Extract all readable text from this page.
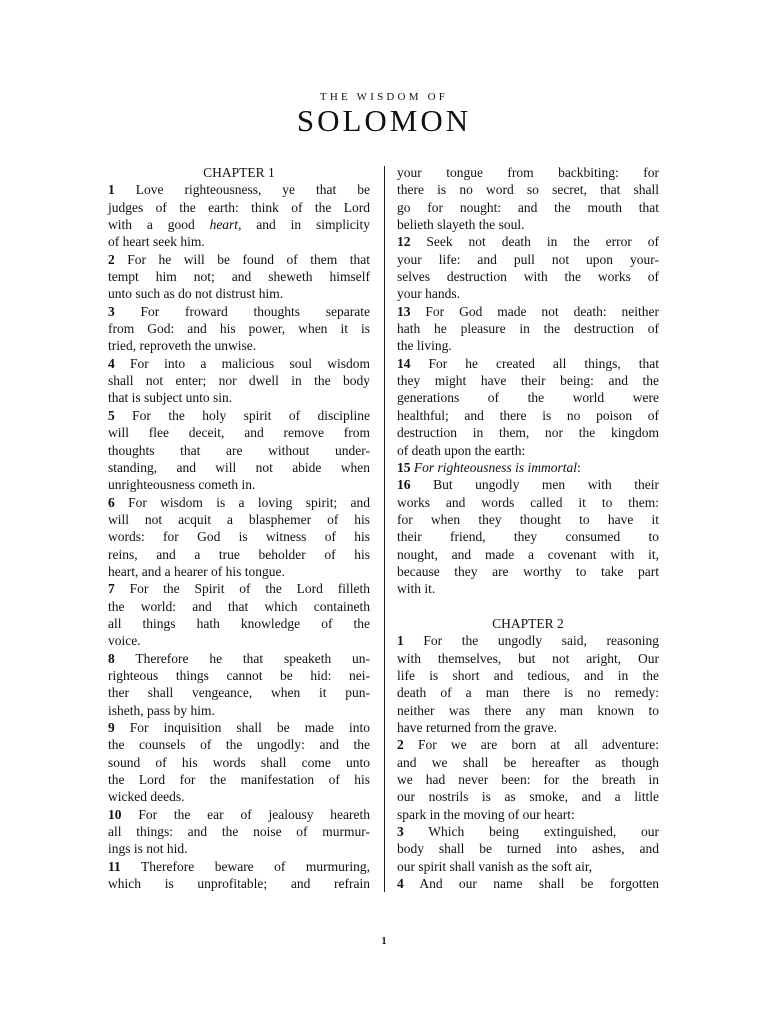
THE WISDOM OF
SOLOMON
CHAPTER 1
1 Love righteousness, ye that be
judges of the earth: think of the Lord
with a good heart, and in simplicity
of heart seek him.
2 For he will be found of them that
tempt him not; and sheweth himself
unto such as do not distrust him.
3 For froward thoughts separate
from God: and his power, when it is
tried, reproveth the unwise.
4 For into a malicious soul wisdom
shall not enter; nor dwell in the body
that is subject unto sin.
5 For the holy spirit of discipline
will flee deceit, and remove from
thoughts that are without under-
standing, and will not abide when
unrighteousness cometh in.
6 For wisdom is a loving spirit; and
will not acquit a blasphemer of his
words: for God is witness of his
reins, and a true beholder of his
heart, and a hearer of his tongue.
7 For the Spirit of the Lord filleth
the world: and that which containeth
all things hath knowledge of the
voice.
8 Therefore he that speaketh un-
righteous things cannot be hid: nei-
ther shall vengeance, when it pun-
isheth, pass by him.
9 For inquisition shall be made into
the counsels of the ungodly: and the
sound of his words shall come unto
the Lord for the manifestation of his
wicked deeds.
10 For the ear of jealousy heareth
all things: and the noise of murmur-
ings is not hid.
11 Therefore beware of murmuring,
which is unprofitable; and refrain
your tongue from backbiting: for
there is no word so secret, that shall
go for nought: and the mouth that
belieth slayeth the soul.
12 Seek not death in the error of
your life: and pull not upon your-
selves destruction with the works of
your hands.
13 For God made not death: neither
hath he pleasure in the destruction of
the living.
14 For he created all things, that
they might have their being: and the
generations of the world were
healthful; and there is no poison of
destruction in them, nor the kingdom
of death upon the earth:
15 For righteousness is immortal:
16 But ungodly men with their
works and words called it to them:
for when they thought to have it
their friend, they consumed to
nought, and made a covenant with it,
because they are worthy to take part
with it.
CHAPTER 2
1 For the ungodly said, reasoning
with themselves, but not aright, Our
life is short and tedious, and in the
death of a man there is no remedy:
neither was there any man known to
have returned from the grave.
2 For we are born at all adventure:
and we shall be hereafter as though
we had never been: for the breath in
our nostrils is as smoke, and a little
spark in the moving of our heart:
3 Which being extinguished, our
body shall be turned into ashes, and
our spirit shall vanish as the soft air,
4 And our name shall be forgotten
1
